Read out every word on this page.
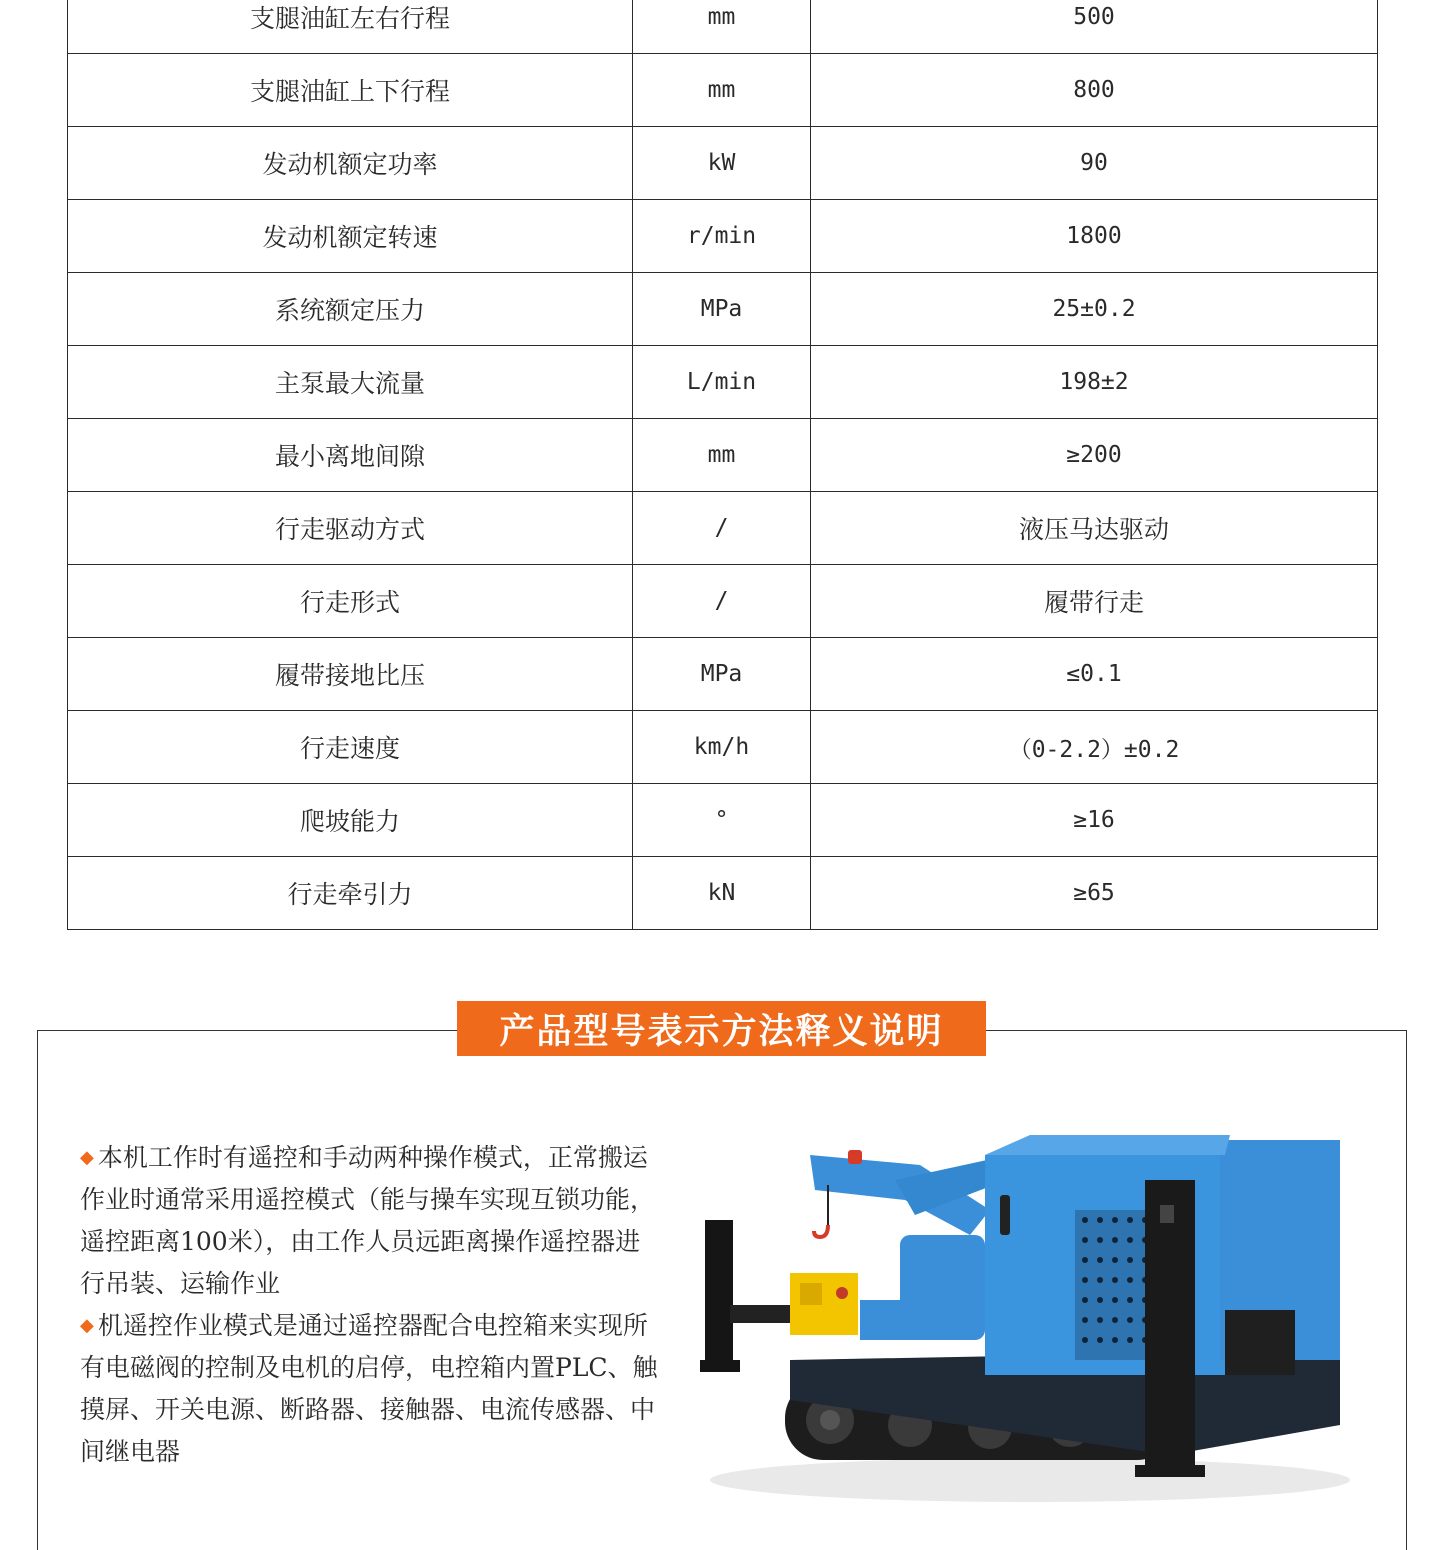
支腿油缸左右行程	mm	500
支腿油缸上下行程	mm	800
发动机额定功率	kW	90
发动机额定转速	r/min	1800
系统额定压力	MPa	25±0.2
主泵最大流量	L/min	198±2
最小离地间隙	mm	≥200
行走驱动方式	/	液压马达驱动
行走形式	/	履带行走
履带接地比压	MPa	≤0.1
行走速度	km/h	（0-2.2）±0.2
爬坡能力	°	≥16
行走牵引力	kN	≥65
产品型号表示方法释义说明

◆ 本机工作时有遥控和手动两种操作模式，正常搬运作业时通常采用遥控模式（能与操车实现互锁功能，遥控距离100米），由工作人员远距离操作遥控器进行吊装、运输作业

◆ 机遥控作业模式是通过遥控器配合电控箱来实现所有电磁阀的控制及电机的启停，电控箱内置PLC、触摸屏、开关电源、断路器、接触器、电流传感器、中间继电器
